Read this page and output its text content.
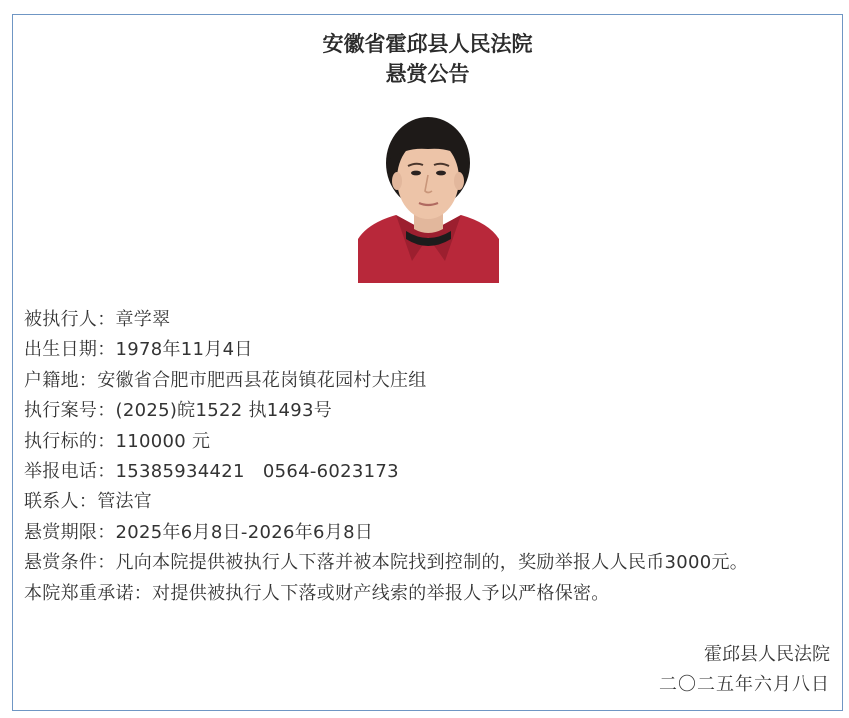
安徽省霍邱县人民法院
悬赏公告
被执行人：章学翠
出生日期：1978年11月4日
户籍地：安徽省合肥市肥西县花岗镇花园村大庄组
执行案号：(2025)皖1522 执1493号
执行标的：110000 元
举报电话：15385934421   0564-6023173
联系人：管法官
悬赏期限：2025年6月8日-2026年6月8日
悬赏条件：凡向本院提供被执行人下落并被本院找到控制的，奖励举报人人民币3000元。
本院郑重承诺：对提供被执行人下落或财产线索的举报人予以严格保密。
霍邱县人民法院
二〇二五年六月八日
